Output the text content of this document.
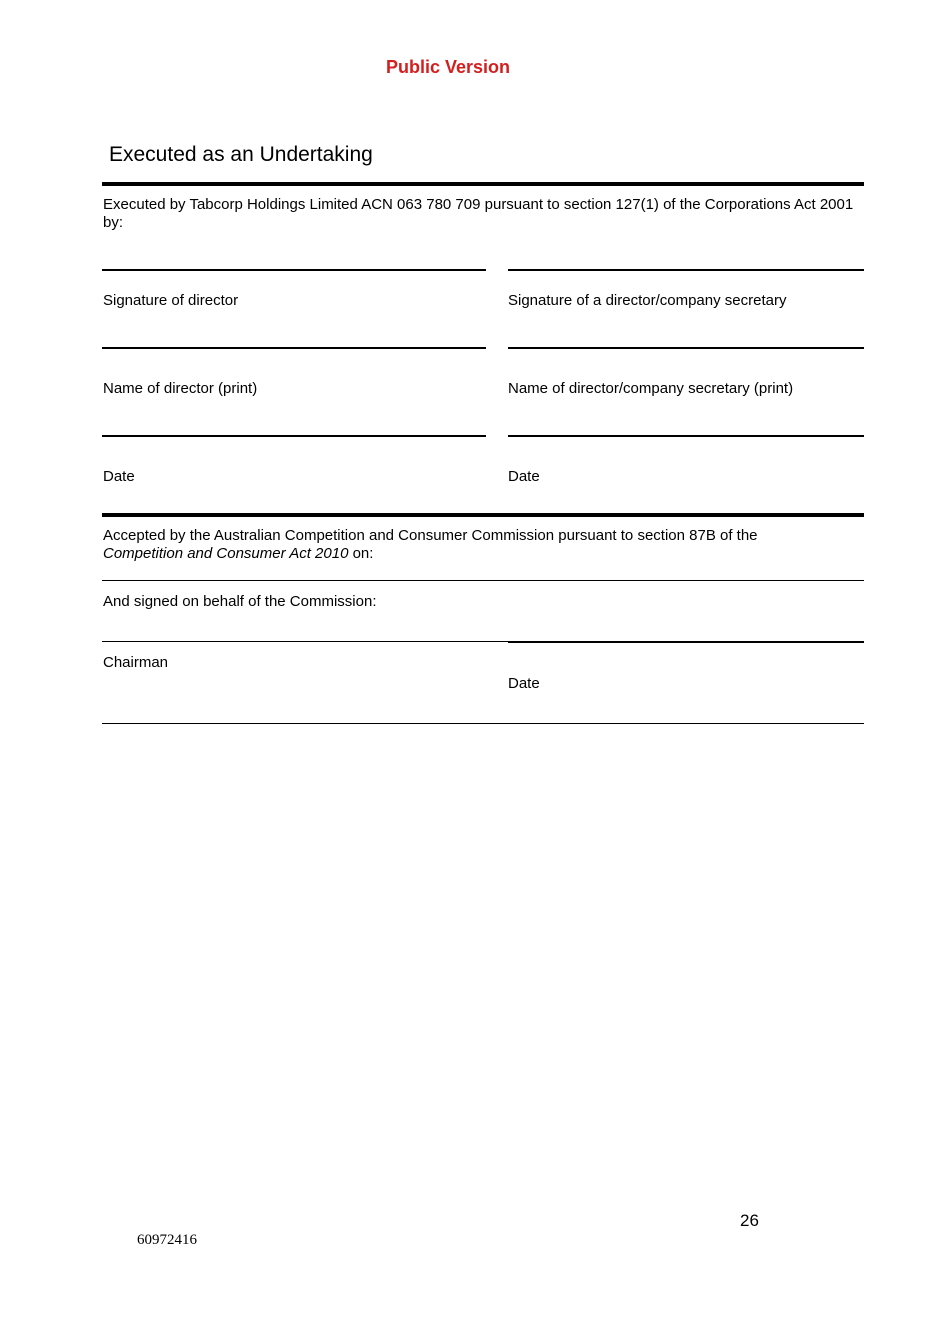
Public Version
Executed as an Undertaking
Executed by Tabcorp Holdings Limited ACN 063 780 709 pursuant to section 127(1) of the Corporations Act 2001 by:
Signature of director	Signature of a director/company secretary
Name of director (print)	Name of director/company secretary (print)
Date	Date
Accepted by the Australian Competition and Consumer Commission pursuant to section 87B of the
Competition and Consumer Act 2010 on:
And signed on behalf of the Commission:
Chairman
Date
26
60972416
